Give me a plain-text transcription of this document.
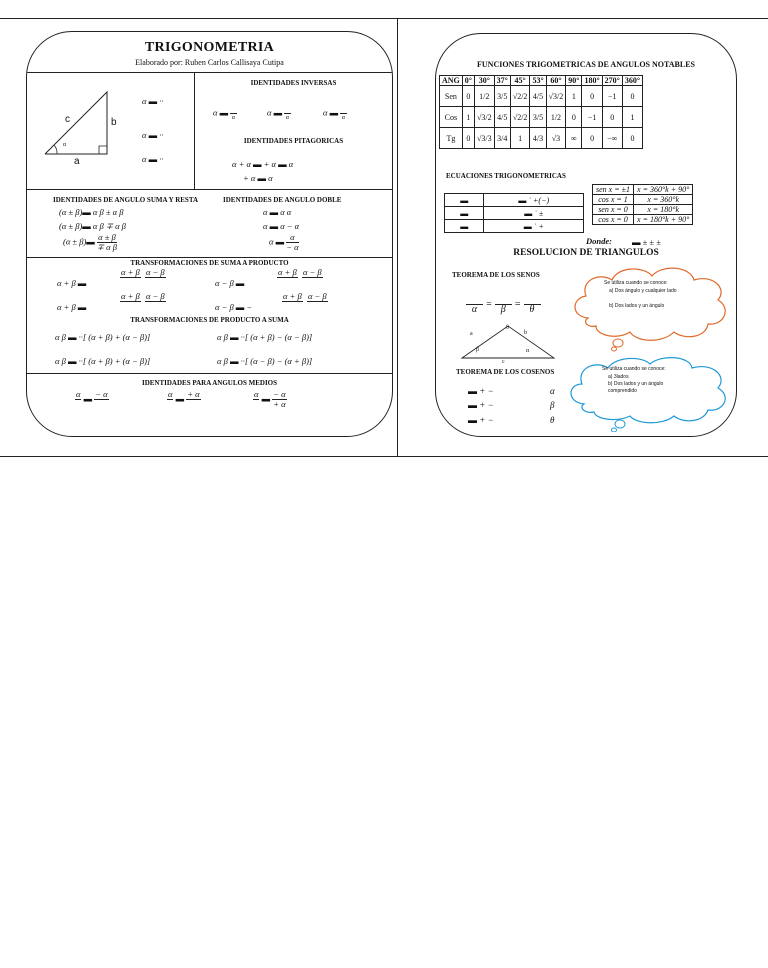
TRIGONOMETRIA
Elaborado por: Ruben Carlos Callisaya Cutipa
c	b
a
α
α ▬ ··
α ▬ ··
α ▬ ··
IDENTIDADES INVERSAS
α ▬

α
α ▬

α
α ▬

α
IDENTIDADES PITAGORICAS
α + α ▬ + α ▬ α
+ α ▬ α
IDENTIDADES DE ANGULO SUMA Y RESTA
(α ± β)▬ α β ± α β
(α ± β)▬ α β ∓ α β
(α ± β)▬ $\frac{\alpha \pm \beta}{\text{∓ α β}}$
IDENTIDADES DE ANGULO DOBLE
α ▬ α α
α ▬ α − α
α ▬ $\frac{\alpha}{- \alpha}$
TRANSFORMACIONES DE SUMA A PRODUCTO
α + β ▬
α + β

α − β

α − β ▬
α + β

α − β

α + β ▬
α + β

α − β

α − β ▬ −
α + β

α − β

TRANSFORMACIONES DE PRODUCTO A SUMA
α β ▬ ··[ (α + β) + (α − β)]	α β ▬ ··[ (α + β) − (α − β)]
α β ▬ ··[ (α + β) + (α − β)]	α β ▬ ··[ (α − β) − (α + β)]
IDENTIDADES PARA ANGULOS MEDIOS
α
▬ − α
	α
▬ + α
	α
▬ $\frac{- \alpha}{+ \alpha}$
FUNCIONES TRIGOMETRICAS DE ANGULOS NOTABLES
ANG	0°	30°	37°	45°	53°	60°	90°	180°	270°	360°
Sen	0	1/2	3/5	√2/2	4/5	√3/2	1	0	−1	0
Cos	1	√3/2	4/5	√2/2	3/5	1/2	0	−1	0	1
Tg	0	√3/3	3/4	1	4/3	√3	∞	0	−∞	0
ECUACIONES TRIGONOMETRICAS
▬	▬ ˙ +(−)
▬	▬ ˙ ±
▬	▬ ˙ +
sen x = ±1	x = 360°k + 90°
cos x = 1	x = 360°k
sen x = 0	x = 180°k
cos x = 0	x = 180°k + 90°
Donde: ▬ ± ± ±
RESOLUCION DE TRIANGULOS
TEOREMA DE LOS SENOS

α =
β =
θ
Se utiliza cuando se conoce:
a) Dos ángulo y cualquier lado
b) Dos lados y un ángulo
θ
a	b
β	α
c
TEOREMA DE LOS COSENOS
▬ + −	α
▬ + −	β
▬ + −	θ
Se utiliza cuando se conoce:
a) 3lados
b) Dos lados y un ángulo comprendido
